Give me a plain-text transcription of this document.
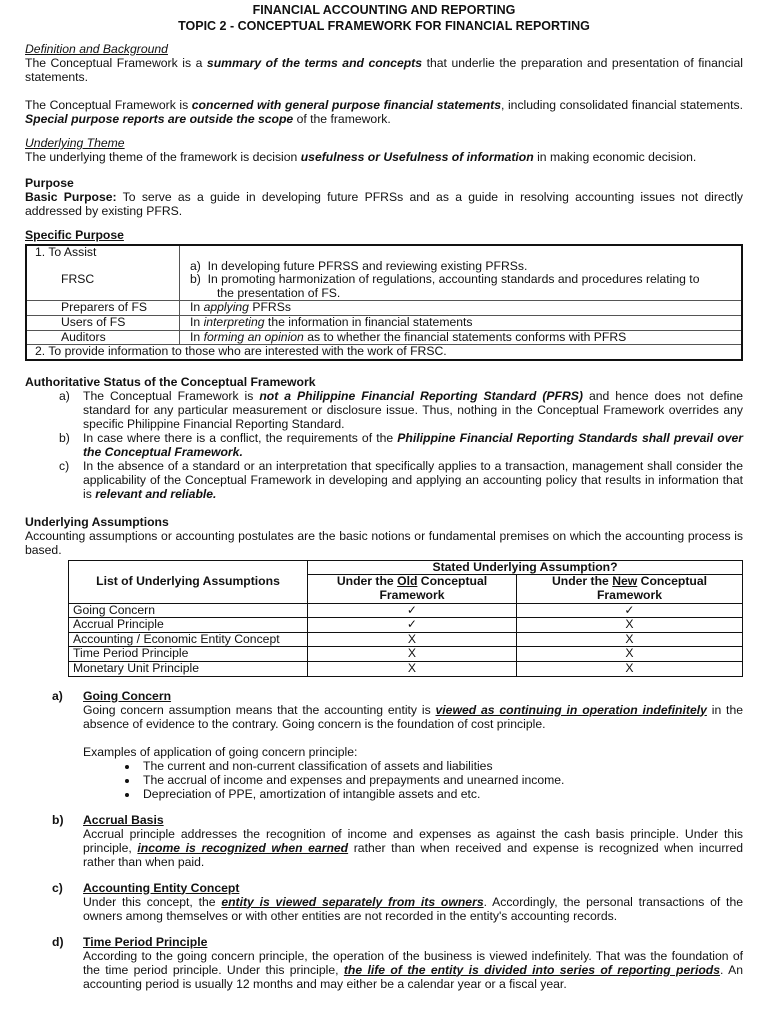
FINANCIAL ACCOUNTING AND REPORTING
TOPIC 2 - CONCEPTUAL FRAMEWORK FOR FINANCIAL REPORTING
Definition and Background

The Conceptual Framework is a summary of the terms and concepts that underlie the preparation and presentation of financial statements.

The Conceptual Framework is concerned with general purpose financial statements, including consolidated financial statements. Special purpose reports are outside the scope of the framework.

Underlying Theme

The underlying theme of the framework is decision usefulness or Usefulness of information in making economic decision.

Purpose

Basic Purpose: To serve as a guide in developing future PFRSs and as a guide in resolving accounting issues not directly addressed by existing PFRS.

Specific Purpose
1. To Assist	
FRSC	a)  In developing future PFRSS and reviewing existing PFRSs.
b)  In promoting harmonization of regulations, accounting standards and procedures relating to
the presentation of FS.

Preparers of FS	In applying PFRSs
Users of FS	In interpreting the information in financial statements
Auditors	In forming an opinion as to whether the financial statements conforms with PFRS
2. To provide information to those who are interested with the work of FRSC.	
Authoritative Status of the Conceptual Framework
a) The Conceptual Framework is not a Philippine Financial Reporting Standard (PFRS) and hence does not define standard for any particular measurement or disclosure issue. Thus, nothing in the Conceptual Framework overrides any specific Philippine Financial Reporting Standard.
b) In case where there is a conflict, the requirements of the Philippine Financial Reporting Standards shall prevail over the Conceptual Framework.
c) In the absence of a standard or an interpretation that specifically applies to a transaction, management shall consider the applicability of the Conceptual Framework in developing and applying an accounting policy that results in information that is relevant and reliable.
Underlying Assumptions

Accounting assumptions or accounting postulates are the basic notions or fundamental premises on which the accounting process is based.

List of Underlying Assumptions	Stated Underlying Assumption?	
	Under the Old Conceptual Framework	Under the New Conceptual Framework
Going Concern	✓	✓
Accrual Principle	✓	X
Accounting / Economic Entity Concept	X	X
Time Period Principle	X	X
Monetary Unit Principle	X	X
a) Going Concern

Going concern assumption means that the accounting entity is viewed as continuing in operation indefinitely in the absence of evidence to the contrary. Going concern is the foundation of cost principle.

Examples of application of going concern principle:

• The current and non-current classification of assets and liabilities
• The accrual of income and expenses and prepayments and unearned income.
• Depreciation of PPE, amortization of intangible assets and etc.
b) Accrual Basis

Accrual principle addresses the recognition of income and expenses as against the cash basis principle. Under this principle, income is recognized when earned rather than when received and expense is recognized when incurred rather than when paid.

c) Accounting Entity Concept

Under this concept, the entity is viewed separately from its owners. Accordingly, the personal transactions of the owners among themselves or with other entities are not recorded in the entity's accounting records.

d) Time Period Principle

According to the going concern principle, the operation of the business is viewed indefinitely. That was the foundation of the time period principle. Under this principle, the life of the entity is divided into series of reporting periods. An accounting period is usually 12 months and may either be a calendar year or a fiscal year.
